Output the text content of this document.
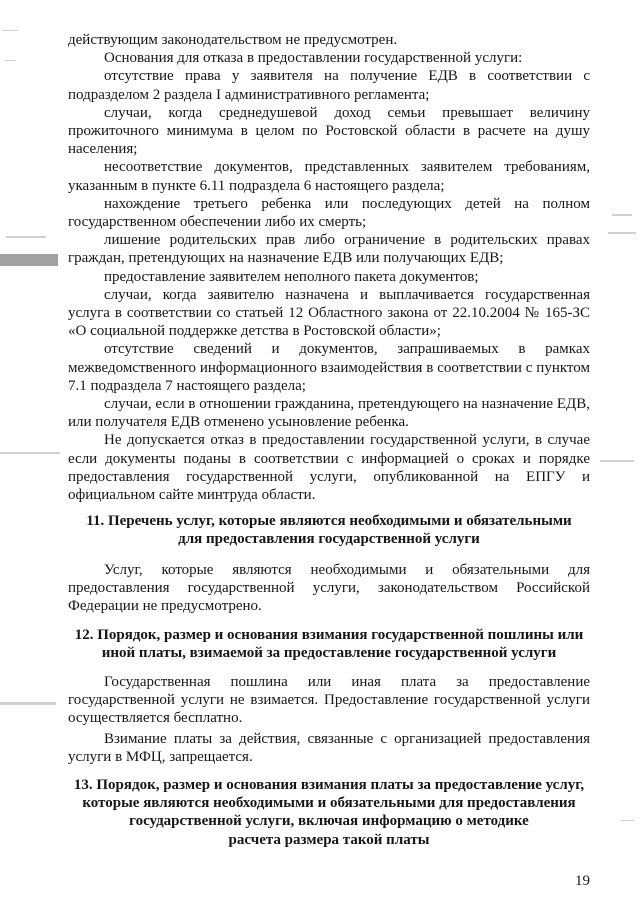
действующим законодательством не предусмотрен.

Основания для отказа в предоставлении государственной услуги:

отсутствие права у заявителя на получение ЕДВ в соответствии с подразделом 2 раздела I административного регламента;

случаи, когда среднедушевой доход семьи превышает величину прожиточного минимума в целом по Ростовской области в расчете на душу населения;

несоответствие документов, представленных заявителем требованиям, указанным в пункте 6.11 подраздела 6 настоящего раздела;

нахождение третьего ребенка или последующих детей на полном государственном обеспечении либо их смерть;

лишение родительских прав либо ограничение в родительских правах граждан, претендующих на назначение ЕДВ или получающих ЕДВ;

предоставление заявителем неполного пакета документов;

случаи, когда заявителю назначена и выплачивается государственная услуга в соответствии со статьей 12 Областного закона от 22.10.2004 № 165-ЗС «О социальной поддержке детства в Ростовской области»;

отсутствие сведений и документов, запрашиваемых в рамках межведомственного информационного взаимодействия в соответствии с пунктом 7.1 подраздела 7 настоящего раздела;

случаи, если в отношении гражданина, претендующего на назначение ЕДВ, или получателя ЕДВ отменено усыновление ребенка.

Не допускается отказ в предоставлении государственной услуги, в случае если документы поданы в соответствии с информацией о сроках и порядке предоставления государственной услуги, опубликованной на ЕПГУ и официальном сайте минтруда области.

11. Перечень услуг, которые являются необходимыми и обязательными
для предоставления государственной услуги

Услуг, которые являются необходимыми и обязательными для предоставления государственной услуги, законодательством Российской Федерации не предусмотрено.

12. Порядок, размер и основания взимания государственной пошлины или
иной платы, взимаемой за предоставление государственной услуги

Государственная пошлина или иная плата за предоставление государственной услуги не взимается. Предоставление государственной услуги осуществляется бесплатно.

Взимание платы за действия, связанные с организацией предоставления услуги в МФЦ, запрещается.

13. Порядок, размер и основания взимания платы за предоставление услуг,
которые являются необходимыми и обязательными для предоставления
государственной услуги, включая информацию о методике
расчета размера такой платы
19
